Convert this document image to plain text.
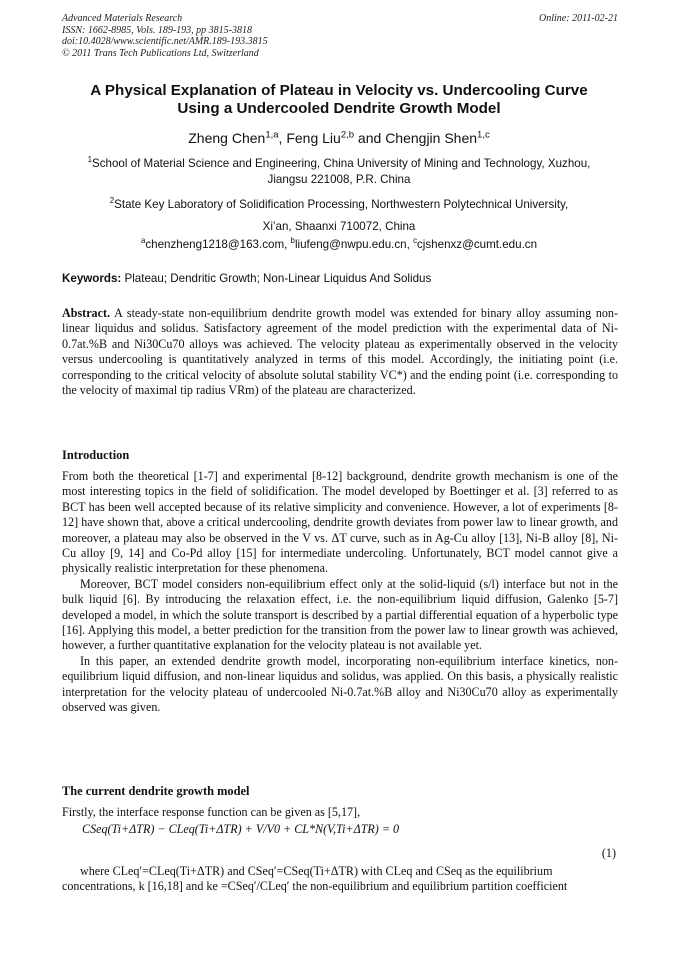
Advanced Materials Research
ISSN: 1662-8985, Vols. 189-193, pp 3815-3818
doi:10.4028/www.scientific.net/AMR.189-193.3815
© 2011 Trans Tech Publications Ltd, Switzerland
Online: 2011-02-21
A Physical Explanation of Plateau in Velocity vs. Undercooling Curve
Using a Undercooled Dendrite Growth Model
Zheng Chen$^{1,a}$, Feng Liu$^{2,b}$ and Chengjin Shen$^{1,c}$
$^1$School of Material Science and Engineering, China University of Mining and Technology, Xuzhou,
Jiangsu 221008, P.R. China
$^2$State Key Laboratory of Solidification Processing, Northwestern Polytechnical University,
Xi’an, Shaanxi 710072, China
$^a$chenzheng1218@163.com, $^b$liufeng@nwpu.edu.cn, $^c$cjshenxz@cumt.edu.cn
Keywords: Plateau; Dendritic Growth; Non-Linear Liquidus And Solidus
Abstract. A steady-state non-equilibrium dendrite growth model was extended for binary alloy assuming non-linear liquidus and solidus. Satisfactory agreement of the model prediction with the experimental data of Ni-0.7at.%B and Ni30Cu70 alloys was achieved. The velocity plateau as experimentally observed in the velocity versus undercooling is quantitatively analyzed in terms of this model. Accordingly, the initiating point (i.e. corresponding to the critical velocity of absolute solutal stability VC*) and the ending point (i.e. corresponding to the velocity of maximal tip radius VRm) of the plateau are characterized.
Introduction

From both the theoretical [1-7] and experimental [8-12] background, dendrite growth mechanism is one of the most interesting topics in the field of solidification. The model developed by Boettinger et al. [3] referred to as BCT has been well accepted because of its relative simplicity and convenience. However, a lot of experiments [8-12] have shown that, above a critical undercooling, dendrite growth deviates from power law to linear growth, and moreover, a plateau may also be observed in the V vs. ΔT curve, such as in Ag-Cu alloy [13], Ni-B alloy [8], Ni-Cu alloy [9, 14] and Co-Pd alloy [15] for intermediate undercoling. Unfortunately, BCT model cannot give a physically realistic interpretation for these phenomena.

Moreover, BCT model considers non-equilibrium effect only at the solid-liquid (s/l) interface but not in the bulk liquid [6]. By introducing the relaxation effect, i.e. the non-equilibrium liquid diffusion, Galenko [5-7] developed a model, in which the solute transport is described by a partial differential equation of a hyperbolic type [16]. Applying this model, a better prediction for the transition from the power law to linear growth was achieved, however, a further quantitative explanation for the velocity plateau is not available yet.

In this paper, an extended dendrite growth model, incorporating non-equilibrium interface kinetics, non-equilibrium liquid diffusion, and non-linear liquidus and solidus, was applied. On this basis, a physically realistic interpretation for the velocity plateau of undercooled Ni-0.7at.%B alloy and Ni30Cu70 alloy as experimentally observed was given.

The current dendrite growth model
Firstly, the interface response function can be given as [5,17],
CSeq(Ti+ΔTR) − CLeq(Ti+ΔTR) + V/V0 + CL*N(V,Ti+ΔTR) = 0
(1)

where CLeq′=CLeq(Ti+ΔTR) and CSeq′=CSeq(Ti+ΔTR) with CLeq and CSeq as the equilibrium

concentrations, k [16,18] and ke =CSeq′/CLeq′ the non-equilibrium and equilibrium partition coefficient
